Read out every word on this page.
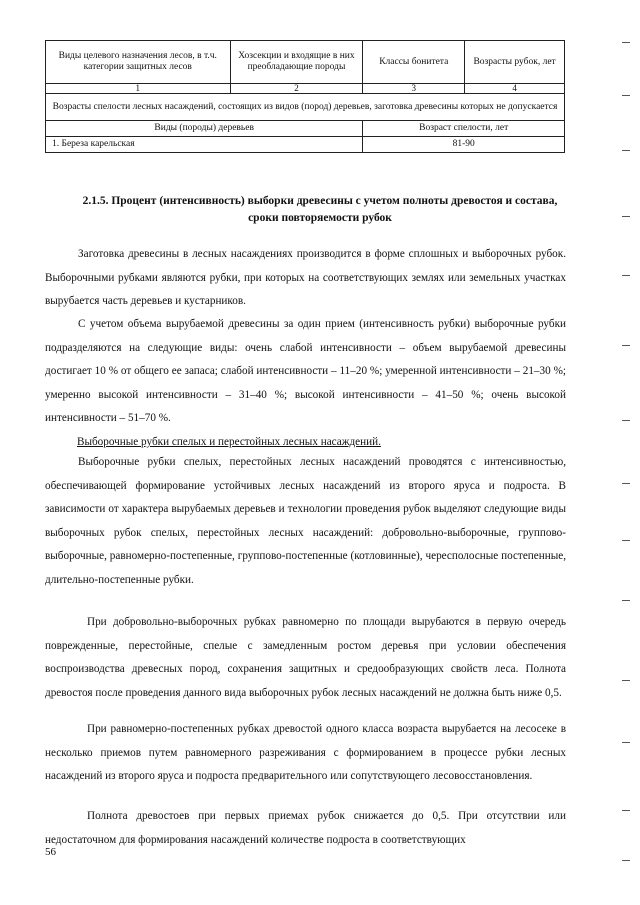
Виды целевого назначения лесов, в т.ч. категории защитных лесов	Хозсекции и входящие в них преобладающие породы	Классы бонитета	Возрасты рубок, лет
1	2	3	4
Возрасты спелости лесных насаждений, состоящих из видов (пород) деревьев, заготовка древесины которых не допускается			
Виды (породы) деревьев		Возраст спелости, лет	
1. Береза карельская		81-90	
2.1.5. Процент (интенсивность) выборки древесины с учетом полноты древостоя и состава, сроки повторяемости рубок

Заготовка древесины в лесных насаждениях производится в форме сплошных и выборочных рубок. Выборочными рубками являются рубки, при которых на соответствующих землях или земельных участках вырубается часть деревьев и кустарников.

С учетом объема вырубаемой древесины за один прием (интенсивность рубки) выборочные рубки подразделяются на следующие виды: очень слабой интенсивности – объем вырубаемой древесины достигает 10 % от общего ее запаса; слабой интенсивности – 11–20 %; умеренной интенсивности – 21–30 %; умеренно высокой интенсивности – 31–40 %; высокой интенсивности – 41–50 %; очень высокой интенсивности – 51–70 %.

Выборочные рубки спелых и перестойных лесных насаждений.

Выборочные рубки спелых, перестойных лесных насаждений проводятся с интенсивностью, обеспечивающей формирование устойчивых лесных насаждений из второго яруса и подроста. В зависимости от характера вырубаемых деревьев и технологии проведения рубок выделяют следующие виды выборочных рубок спелых, перестойных лесных насаждений: добровольно-выборочные, группово-выборочные, равномерно-постепенные, группово-постепенные (котловинные), чересполосные постепенные, длительно-постепенные рубки.

При добровольно-выборочных рубках равномерно по площади вырубаются в первую очередь поврежденные, перестойные, спелые с замедленным ростом деревья при условии обеспечения воспроизводства древесных пород, сохранения защитных и средообразующих свойств леса. Полнота древостоя после проведения данного вида выборочных рубок лесных насаждений не должна быть ниже 0,5.

При равномерно-постепенных рубках древостой одного класса возраста вырубается на лесосеке в несколько приемов путем равномерного разреживания с формированием в процессе рубки лесных насаждений из второго яруса и подроста предварительного или сопутствующего лесовосстановления.

Полнота древостоев при первых приемах рубок снижается до 0,5. При отсутствии или недостаточном для формирования насаждений количестве подроста в соответствующих

56
